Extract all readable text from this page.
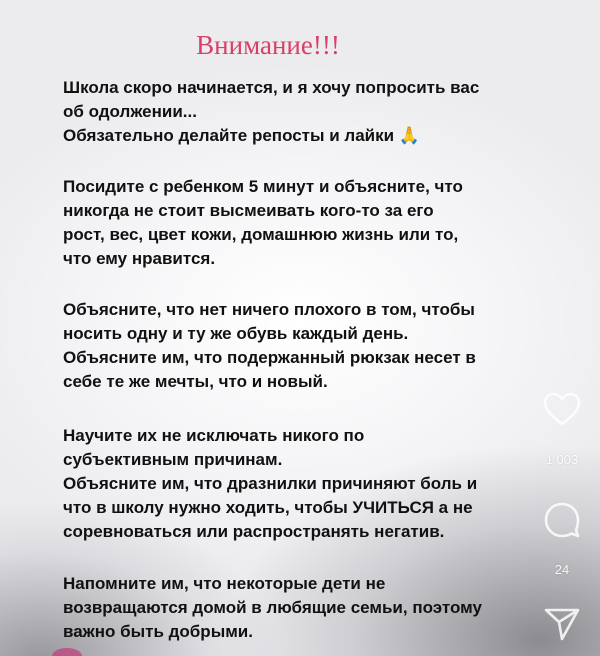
Внимание!!!

Школа скоро начинается, и я хочу попросить вас
об одолжении...
Обязательно делайте репосты и лайки 🙏

Посидите с ребенком 5 минут и объясните, что
никогда не стоит высмеивать кого-то за его
рост, вес, цвет кожи, домашнюю жизнь или то,
что ему нравится.

Объясните, что нет ничего плохого в том, чтобы
носить одну и ту же обувь каждый день.
Объясните им, что подержанный рюкзак несет в
себе те же мечты, что и новый.

Научите их не исключать никого по
субъективным причинам.
Объясните им, что дразнилки причиняют боль и
что в школу нужно ходить, чтобы УЧИТЬСЯ а не
соревноваться или распространять негатив.

Напомните им, что некоторые дети не
возвращаются домой в любящие семьи, поэтому
важно быть добрыми.

1 003
24
